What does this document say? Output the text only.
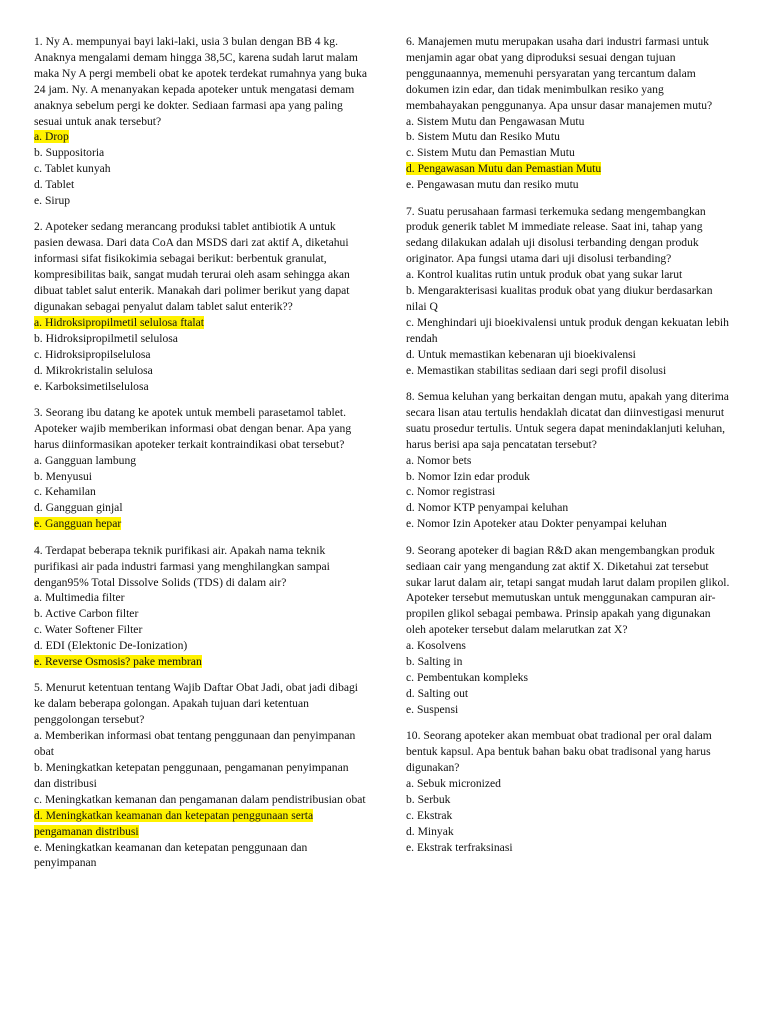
1. Ny A. mempunyai bayi laki-laki, usia 3 bulan dengan BB 4 kg. Anaknya mengalami demam hingga 38,5C, karena sudah larut malam maka Ny A pergi membeli obat ke apotek terdekat rumahnya yang buka 24 jam. Ny. A menanyakan kepada apoteker untuk mengatasi demam anaknya sebelum pergi ke dokter. Sediaan farmasi apa yang paling sesuai untuk anak tersebut?

a. Drop
b. Suppositoria
c. Tablet kunyah
d. Tablet
e. Sirup

2. Apoteker sedang merancang produksi tablet antibiotik A untuk pasien dewasa. Dari data CoA dan MSDS dari zat aktif A, diketahui informasi sifat fisikokimia sebagai berikut: berbentuk granulat, kompresibilitas baik, sangat mudah terurai oleh asam sehingga akan dibuat tablet salut enterik. Manakah dari polimer berikut yang dapat digunakan sebagai penyalut dalam tablet salut enterik??

a. Hidroksipropilmetil selulosa ftalat
b. Hidroksipropilmetil selulosa
c. Hidroksipropilselulosa
d. Mikrokristalin selulosa
e. Karboksimetilselulosa

3. Seorang ibu datang ke apotek untuk membeli parasetamol tablet. Apoteker wajib memberikan informasi obat dengan benar. Apa yang harus diinformasikan apoteker terkait kontraindikasi obat tersebut?

a. Gangguan lambung
b. Menyusui
c. Kehamilan
d. Gangguan ginjal
e. Gangguan hepar

4. Terdapat beberapa teknik purifikasi air. Apakah nama teknik purifikasi air pada industri farmasi yang menghilangkan sampai dengan95% Total Dissolve Solids (TDS) di dalam air?

a. Multimedia filter
b. Active Carbon filter
c. Water Softener Filter
d. EDI (Elektonic De-Ionization)
e. Reverse Osmosis? pake membran

5. Menurut ketentuan tentang Wajib Daftar Obat Jadi, obat jadi dibagi ke dalam beberapa golongan. Apakah tujuan dari ketentuan penggolongan tersebut?

a. Memberikan informasi obat tentang penggunaan dan penyimpanan obat
b. Meningkatkan ketepatan penggunaan, pengamanan penyimpanan dan distribusi
c. Meningkatkan kemanan dan pengamanan dalam pendistribusian obat
d. Meningkatkan keamanan dan ketepatan penggunaan serta pengamanan distribusi
e. Meningkatkan keamanan dan ketepatan penggunaan dan penyimpanan

6. Manajemen mutu merupakan usaha dari industri farmasi untuk menjamin agar obat yang diproduksi sesuai dengan tujuan penggunaannya, memenuhi persyaratan yang tercantum dalam dokumen izin edar, dan tidak menimbulkan resiko yang membahayakan penggunanya. Apa unsur dasar manajemen mutu?

a. Sistem Mutu dan Pengawasan Mutu
b. Sistem Mutu dan Resiko Mutu
c. Sistem Mutu dan Pemastian Mutu
d. Pengawasan Mutu dan Pemastian Mutu
e. Pengawasan mutu dan resiko mutu

7. Suatu perusahaan farmasi terkemuka sedang mengembangkan produk generik tablet M immediate release. Saat ini, tahap yang sedang dilakukan adalah uji disolusi terbanding dengan produk originator. Apa fungsi utama dari uji disolusi terbanding?

a. Kontrol kualitas rutin untuk produk obat yang sukar larut
b. Mengarakterisasi kualitas produk obat yang diukur berdasarkan nilai Q
c. Menghindari uji bioekivalensi untuk produk dengan kekuatan lebih rendah
d. Untuk memastikan kebenaran uji bioekivalensi
e. Memastikan stabilitas sediaan dari segi profil disolusi

8. Semua keluhan yang berkaitan dengan mutu, apakah yang diterima secara lisan atau tertulis hendaklah dicatat dan diinvestigasi menurut suatu prosedur tertulis. Untuk segera dapat menindaklanjuti keluhan, harus berisi apa saja pencatatan tersebut?

a. Nomor bets
b. Nomor Izin edar produk
c. Nomor registrasi
d. Nomor KTP penyampai keluhan
e. Nomor Izin Apoteker atau Dokter penyampai keluhan

9. Seorang apoteker di bagian R&D akan mengembangkan produk sediaan cair yang mengandung zat aktif X. Diketahui zat tersebut sukar larut dalam air, tetapi sangat mudah larut dalam propilen glikol. Apoteker tersebut memutuskan untuk menggunakan campuran air-propilen glikol sebagai pembawa. Prinsip apakah yang digunakan oleh apoteker tersebut dalam melarutkan zat X?

a. Kosolvens
b. Salting in
c. Pembentukan kompleks
d. Salting out
e. Suspensi

10. Seorang apoteker akan membuat obat tradional per oral dalam bentuk kapsul. Apa bentuk bahan baku obat tradisonal yang harus digunakan?

a. Sebuk micronized
b. Serbuk
c. Ekstrak
d. Minyak
e. Ekstrak terfraksinasi
